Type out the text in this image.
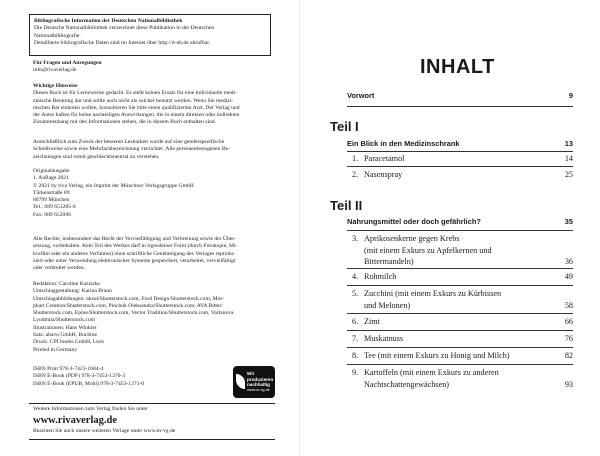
Bibliografische Information der Deutschen Nationalbibliothek
Die Deutsche Nationalbibliothek verzeichnet diese Publikation in der Deutschen
Nationalbibliografie.
Detaillierte bibliografische Daten sind im Internet über http://d-nb.de abrufbar.
Für Fragen und Anregungen
info@rivaverlag.de
Wichtige Hinweise
Dieses Buch ist für Lernzwecke gedacht. Es stellt keinen Ersatz für eine individuelle medi-
zinische Beratung dar und sollte auch nicht als solcher benutzt werden. Wenn Sie medizi-
nischen Rat einholen wollen, konsultieren Sie bitte einen qualifizierten Arzt. Der Verlag und
der Autor haften für keine nachteiligen Auswirkungen, die in einem direkten oder indirekten
Zusammenhang mit den Informationen stehen, die in diesem Buch enthalten sind.
Ausschließlich zum Zweck der besseren Lesbarkeit wurde auf eine genderspezifische
Schreibweise sowie eine Mehrfachbezeichnung verzichtet. Alle personenbezogenen Be-
zeichnungen sind somit geschlechtsneutral zu verstehen.
Originalausgabe
1. Auflage 2021
© 2021 by riva Verlag, ein Imprint der Münchner Verlagsgruppe GmbH
Türkenstraße 89
80799 München
Tel.: 089 651285-0
Fax: 089 652096
Alle Rechte, insbesondere das Recht der Vervielfältigung und Verbreitung sowie der Über-
setzung, vorbehalten. Kein Teil des Werkes darf in irgendeiner Form (durch Fotokopie, Mi-
krofilm oder ein anderes Verfahren) ohne schriftliche Genehmigung des Verlages reprodu-
ziert oder unter Verwendung elektronischer Systeme gespeichert, verarbeitet, vervielfältigt
oder verbreitet werden.
Redaktion: Caroline Kaziarka
Umschlaggestaltung: Karina Braun
Umschlagabbildungen: aksol/Shutterstock.com, Ford Design/Shutterstock.com, Mor-
phart Creation/Shutterstock.com, Pinchuk Oleksandra/Shutterstock.com, AVA Bitter/
Shutterstock.com, Epine/Shutterstock.com, Vector Tradition/Shutterstock.com, Varlanova
Lyudmila/Shutterstock.com
Illustrationen: Hans Winkler
Satz: abavo GmbH, Buchloe
Druck: CPI books GmbH, Leck
Printed in Germany
ISBN Print 978-3-7423-1684-4
ISBN E-Book (PDF) 978-3-7453-1370-3
ISBN E-Book (EPUB, Mobi) 978-3-7453-1371-0
Wir produzieren
nachhaltig
www.m-vg.de
Weitere Informationen zum Verlag finden Sie unter
www.rivaverlag.de
Beachten Sie auch unsere weiteren Verlage unter www.m-vg.de
INHALT
Vorwort	9
Teil I
Ein Blick in den Medizinschrank	13
1. Paracetamol	14
2. Nasenspray	25
Teil II
Nahrungsmittel oder doch gefährlich?	35
3. Aprikosenkerne gegen Krebs
(mit einem Exkurs zu Apfelkernen und
Bittermandeln)	36
4. Rohmilch	49
5. Zucchini (mit einem Exkurs zu Kürbissen
und Melonen)	58
6. Zimt	66
7. Muskatnuss	76
8. Tee (mit einem Exkurs zu Honig und Milch)	82
9. Kartoffeln (mit einem Exkurs zu anderen
Nachtschattengewächsen)	93
